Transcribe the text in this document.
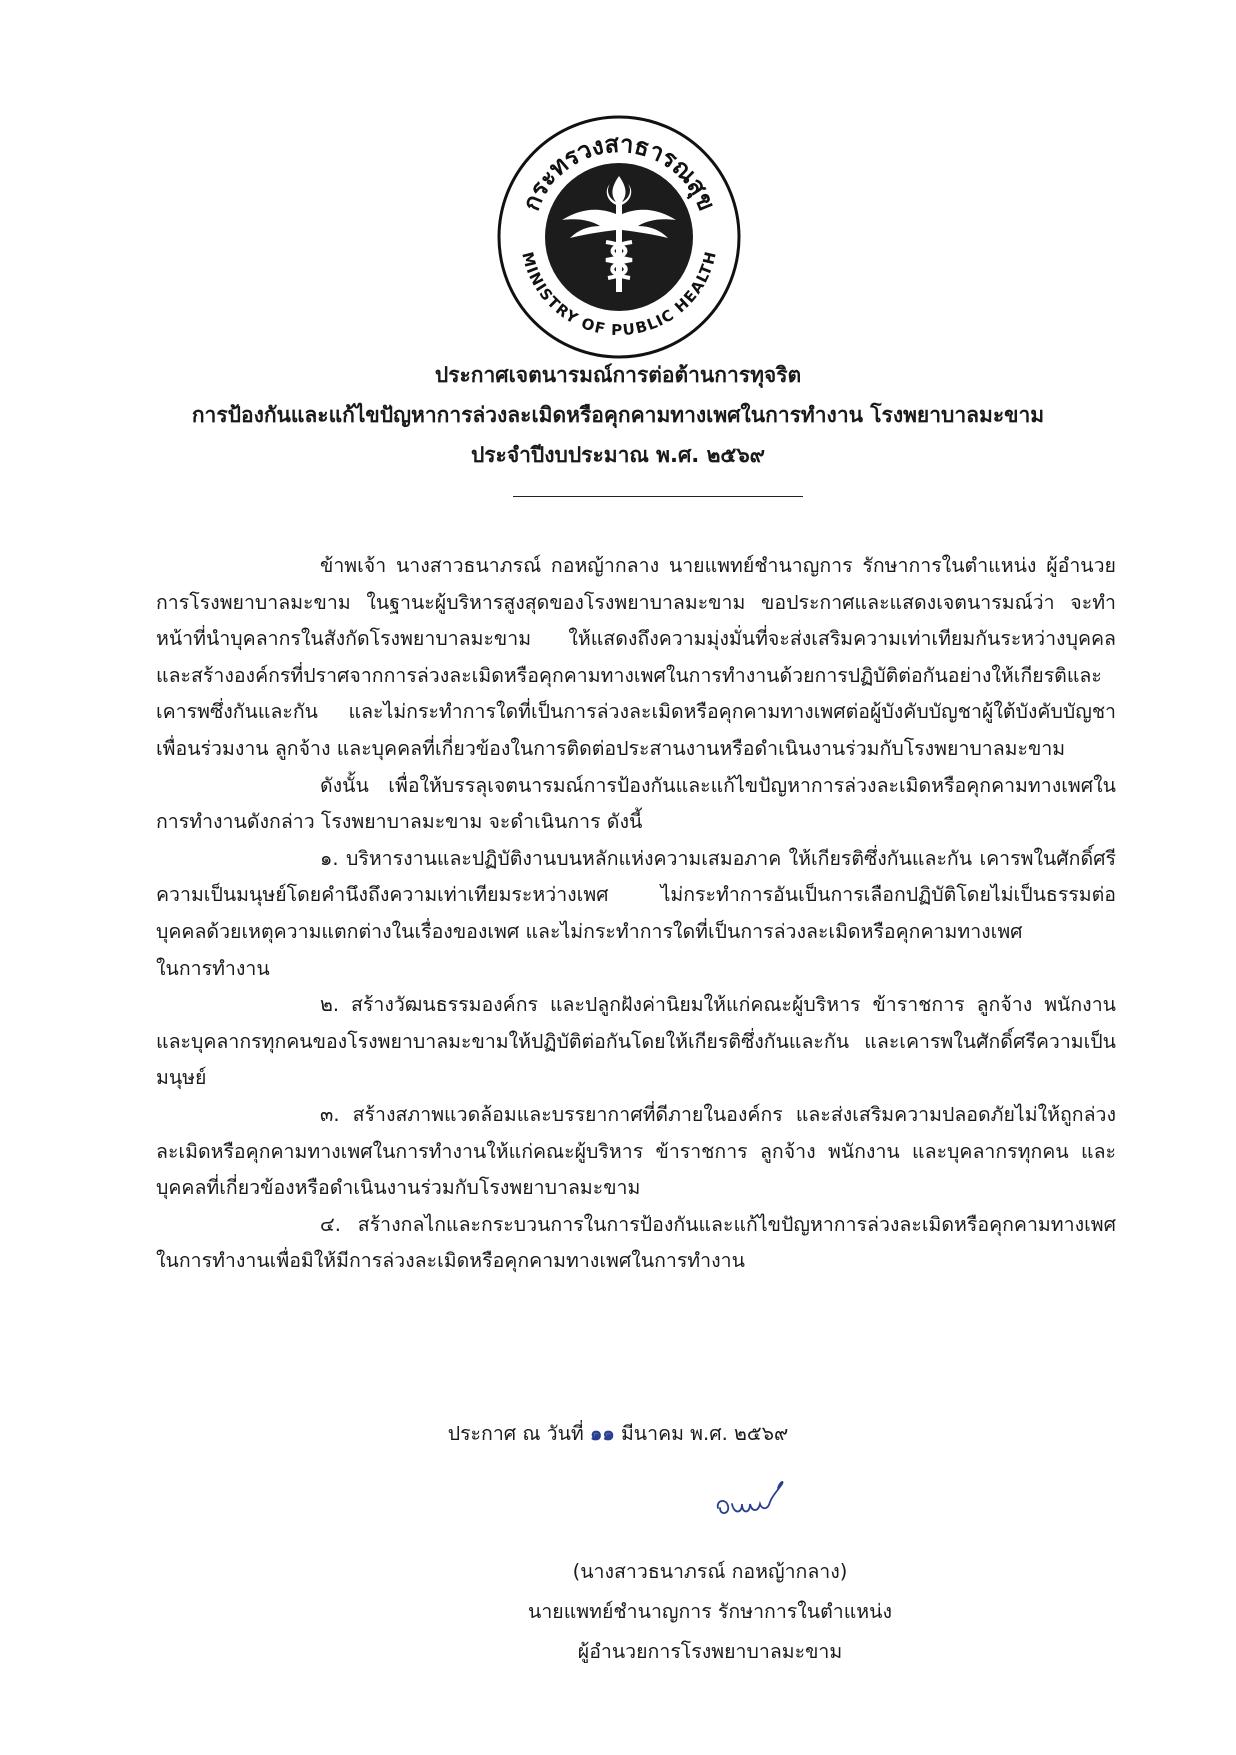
กระทรวงสาธารณสุข
MINISTRY OF PUBLIC HEALTH
ประกาศเจตนารมณ์การต่อต้านการทุจริต
การป้องกันและแก้ไขปัญหาการล่วงละเมิดหรือคุกคามทางเพศในการทำงาน โรงพยาบาลมะขาม
ประจำปีงบประมาณ พ.ศ. ๒๕๖๙

ข้าพเจ้า นางสาวธนาภรณ์ กอหญ้ากลาง นายแพทย์ชำนาญการ รักษาการในตำแหน่ง ผู้อำนวยการโรงพยาบาลมะขาม ในฐานะผู้บริหารสูงสุดของโรงพยาบาลมะขาม ขอประกาศและแสดงเจตนารมณ์ว่า จะทำหน้าที่นำบุคลากรในสังกัดโรงพยาบาลมะขาม ให้แสดงถึงความมุ่งมั่นที่จะส่งเสริมความเท่าเทียมกันระหว่างบุคคลและสร้างองค์กรที่ปราศจากการล่วงละเมิดหรือคุกคามทางเพศในการทำงานด้วยการปฏิบัติต่อกันอย่างให้เกียรติและเคารพซึ่งกันและกัน และไม่กระทำการใดที่เป็นการล่วงละเมิดหรือคุกคามทางเพศต่อผู้บังคับบัญชาผู้ใต้บังคับบัญชา เพื่อนร่วมงาน ลูกจ้าง และบุคคลที่เกี่ยวข้องในการติดต่อประสานงานหรือดำเนินงานร่วมกับโรงพยาบาลมะขาม

ดังนั้น เพื่อให้บรรลุเจตนารมณ์การป้องกันและแก้ไขปัญหาการล่วงละเมิดหรือคุกคามทางเพศในการทำงานดังกล่าว โรงพยาบาลมะขาม จะดำเนินการ ดังนี้

๑. บริหารงานและปฏิบัติงานบนหลักแห่งความเสมอภาค ให้เกียรติซึ่งกันและกัน เคารพในศักดิ์ศรีความเป็นมนุษย์โดยคำนึงถึงความเท่าเทียมระหว่างเพศ ไม่กระทำการอันเป็นการเลือกปฏิบัติโดยไม่เป็นธรรมต่อบุคคลด้วยเหตุความแตกต่างในเรื่องของเพศ และไม่กระทำการใดที่เป็นการล่วงละเมิดหรือคุกคามทางเพศ

ในการทำงาน

๒. สร้างวัฒนธรรมองค์กร และปลูกฝังค่านิยมให้แก่คณะผู้บริหาร ข้าราชการ ลูกจ้าง พนักงาน และบุคลากรทุกคนของโรงพยาบาลมะขามให้ปฏิบัติต่อกันโดยให้เกียรติซึ่งกันและกัน และเคารพในศักดิ์ศรีความเป็นมนุษย์

๓. สร้างสภาพแวดล้อมและบรรยากาศที่ดีภายในองค์กร และส่งเสริมความปลอดภัยไม่ให้ถูกล่วงละเมิดหรือคุกคามทางเพศในการทำงานให้แก่คณะผู้บริหาร ข้าราชการ ลูกจ้าง พนักงาน และบุคลากรทุกคน และบุคคลที่เกี่ยวข้องหรือดำเนินงานร่วมกับโรงพยาบาลมะขาม

๔. สร้างกลไกและกระบวนการในการป้องกันและแก้ไขปัญหาการล่วงละเมิดหรือคุกคามทางเพศในการทำงานเพื่อมิให้มีการล่วงละเมิดหรือคุกคามทางเพศในการทำงาน

ประกาศ ณ วันที่ ๑๑ มีนาคม พ.ศ. ๒๕๖๙
(นางสาวธนาภรณ์ กอหญ้ากลาง)
นายแพทย์ชำนาญการ รักษาการในตำแหน่ง
ผู้อำนวยการโรงพยาบาลมะขาม
